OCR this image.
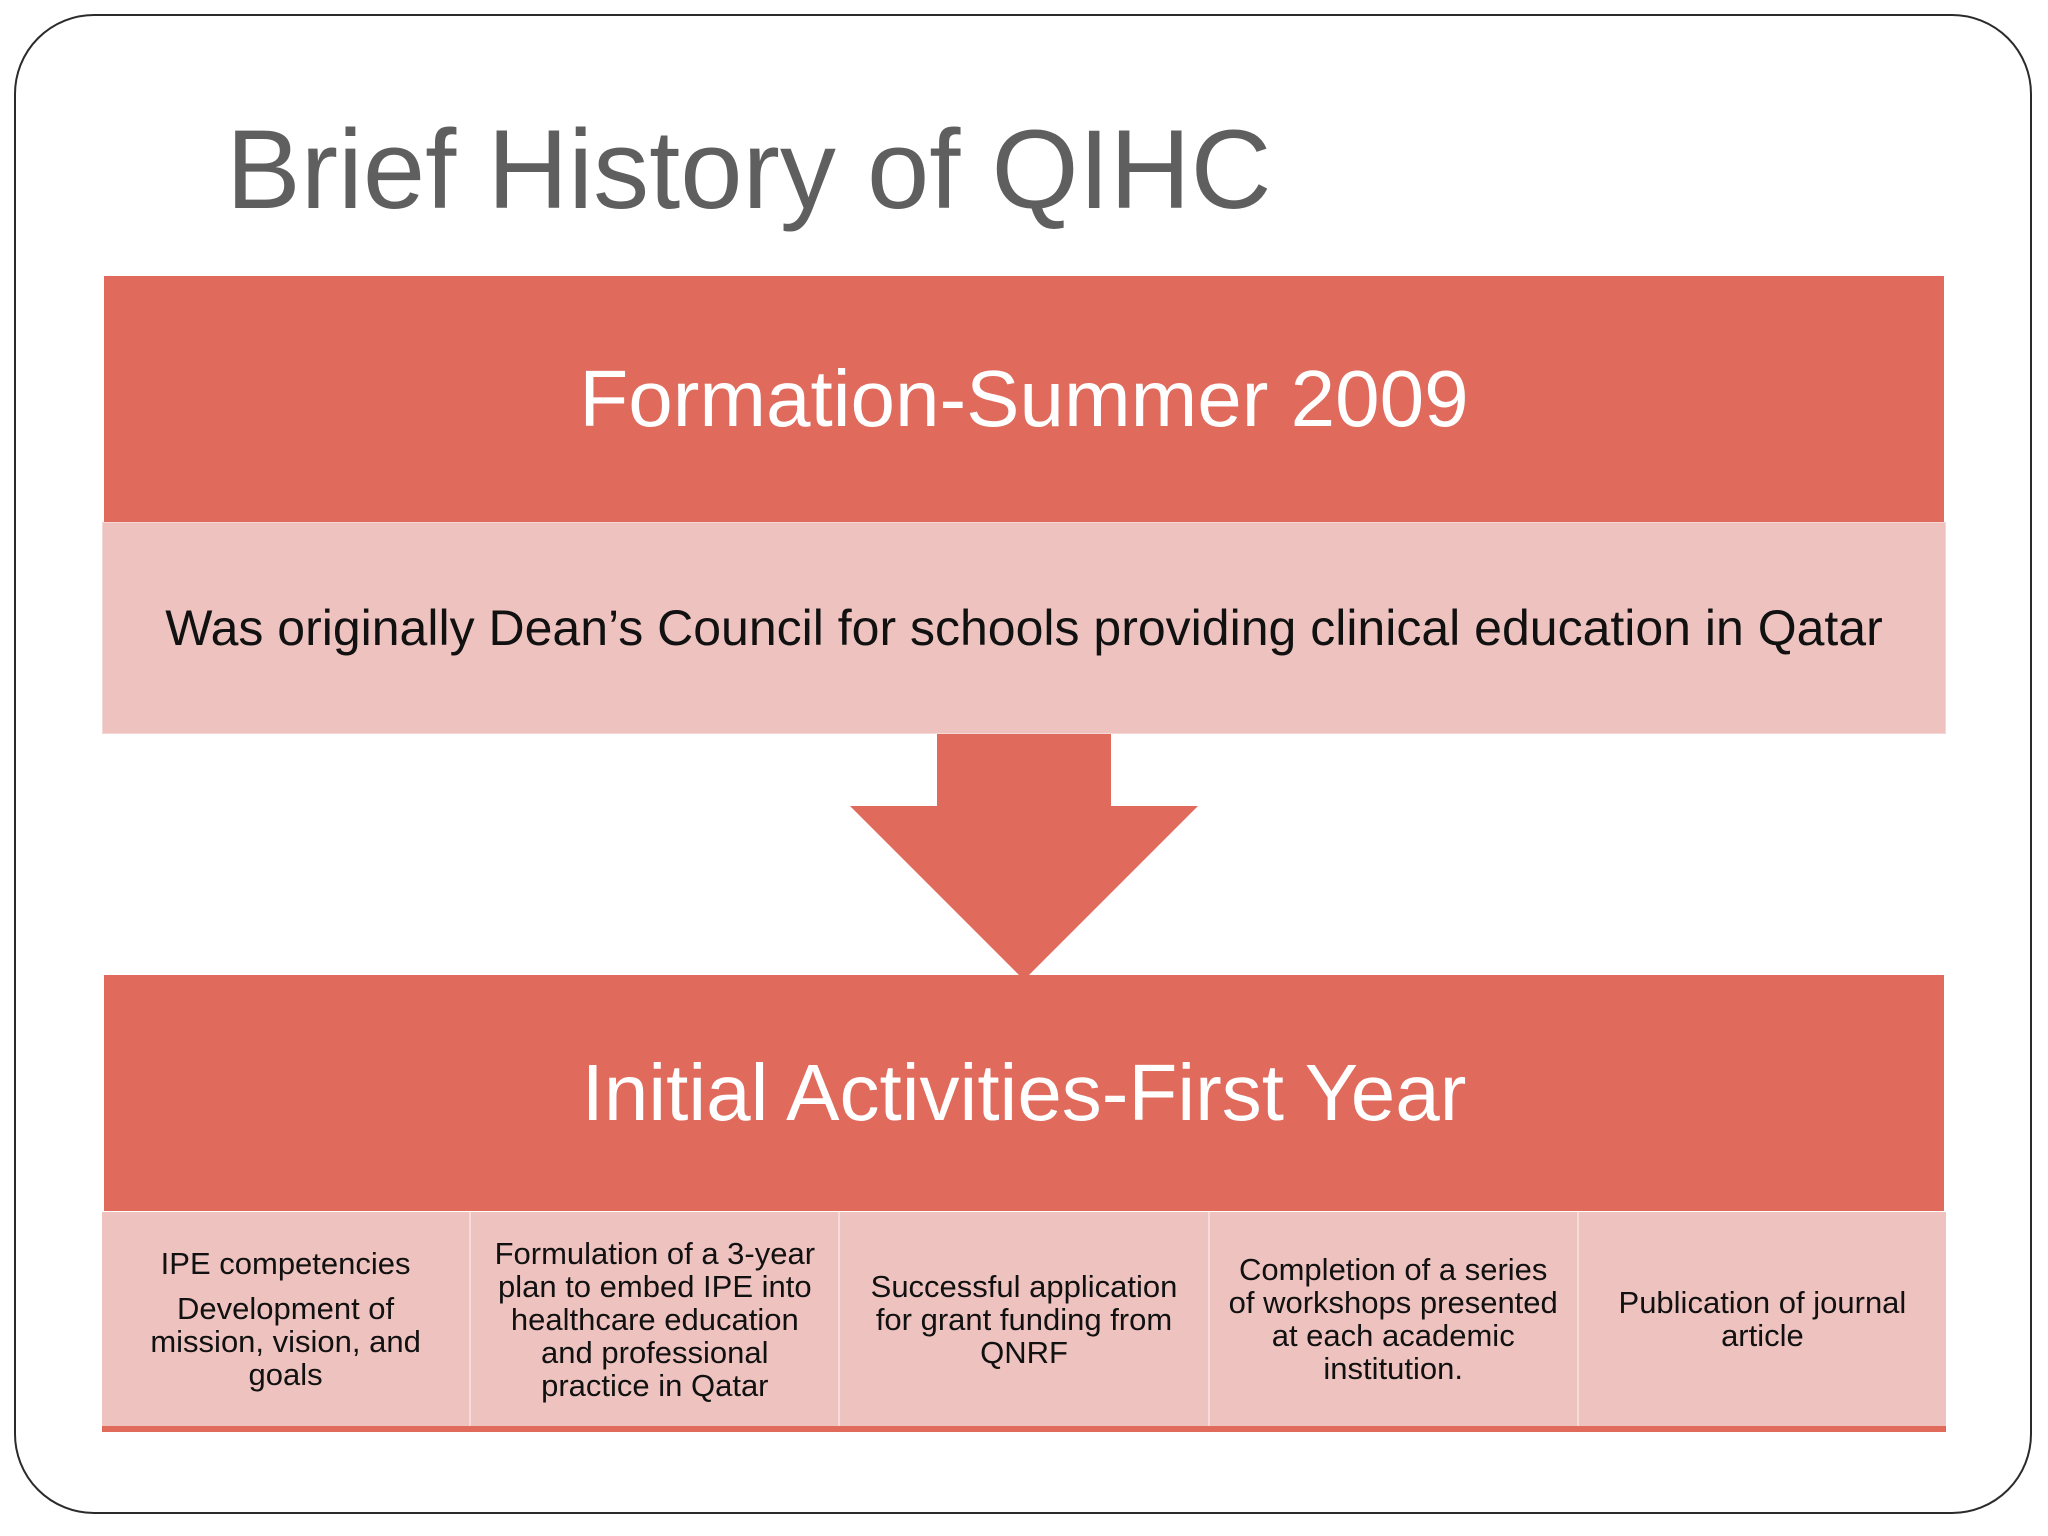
Brief History of QIHC
Formation-Summer 2009
Was originally Dean’s Council for schools providing clinical education in Qatar
Initial Activities-First Year
IPE competencies
Development of
mission, vision, and
goals
Formulation of a 3-year
plan to embed IPE into
healthcare education
and professional
practice in Qatar
Successful application
for grant funding from
QNRF
Completion of a series
of workshops presented
at each academic
institution.
Publication of journal
article
